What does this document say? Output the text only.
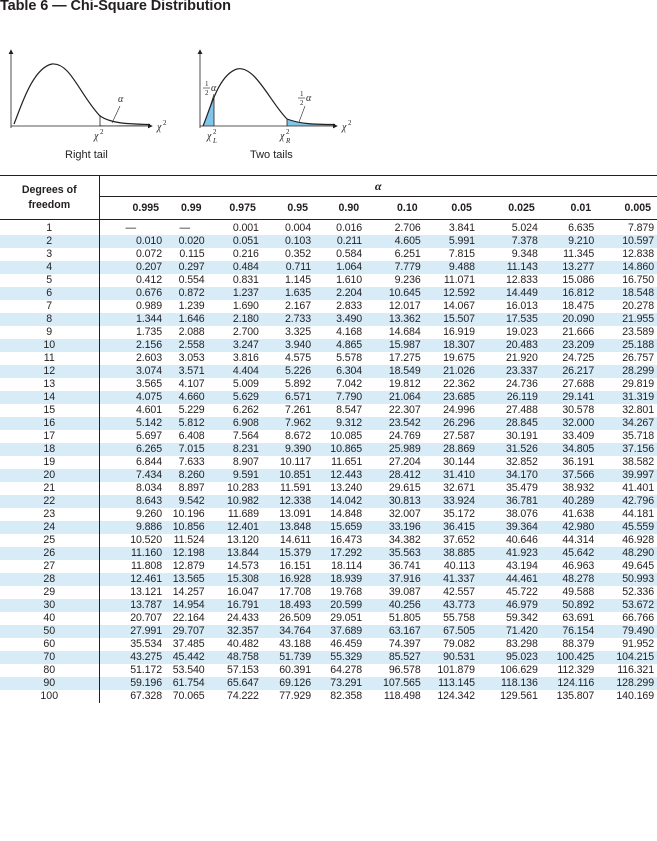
Table 6 — Chi-Square Distribution
α
χ 2	χ 2
Right tail
1
2 α	1
2 α
χ 2
L	χ 2
R
χ 2
Two tails
Degrees of
freedom	α									
	0.995	0.99	0.975	0.95	0.90	0.10	0.05	0.025	0.01	0.005
1	—	—	0.001	0.004	0.016	2.706	3.841	5.024	6.635	7.879
2	0.010	0.020	0.051	0.103	0.211	4.605	5.991	7.378	9.210	10.597
3	0.072	0.115	0.216	0.352	0.584	6.251	7.815	9.348	11.345	12.838
4	0.207	0.297	0.484	0.711	1.064	7.779	9.488	11.143	13.277	14.860
5	0.412	0.554	0.831	1.145	1.610	9.236	11.071	12.833	15.086	16.750
6	0.676	0.872	1.237	1.635	2.204	10.645	12.592	14.449	16.812	18.548
7	0.989	1.239	1.690	2.167	2.833	12.017	14.067	16.013	18.475	20.278
8	1.344	1.646	2.180	2.733	3.490	13.362	15.507	17.535	20.090	21.955
9	1.735	2.088	2.700	3.325	4.168	14.684	16.919	19.023	21.666	23.589
10	2.156	2.558	3.247	3.940	4.865	15.987	18.307	20.483	23.209	25.188
11	2.603	3.053	3.816	4.575	5.578	17.275	19.675	21.920	24.725	26.757
12	3.074	3.571	4.404	5.226	6.304	18.549	21.026	23.337	26.217	28.299
13	3.565	4.107	5.009	5.892	7.042	19.812	22.362	24.736	27.688	29.819
14	4.075	4.660	5.629	6.571	7.790	21.064	23.685	26.119	29.141	31.319
15	4.601	5.229	6.262	7.261	8.547	22.307	24.996	27.488	30.578	32.801
16	5.142	5.812	6.908	7.962	9.312	23.542	26.296	28.845	32.000	34.267
17	5.697	6.408	7.564	8.672	10.085	24.769	27.587	30.191	33.409	35.718
18	6.265	7.015	8.231	9.390	10.865	25.989	28.869	31.526	34.805	37.156
19	6.844	7.633	8.907	10.117	11.651	27.204	30.144	32.852	36.191	38.582
20	7.434	8.260	9.591	10.851	12.443	28.412	31.410	34.170	37.566	39.997
21	8.034	8.897	10.283	11.591	13.240	29.615	32.671	35.479	38.932	41.401
22	8.643	9.542	10.982	12.338	14.042	30.813	33.924	36.781	40.289	42.796
23	9.260	10.196	11.689	13.091	14.848	32.007	35.172	38.076	41.638	44.181
24	9.886	10.856	12.401	13.848	15.659	33.196	36.415	39.364	42.980	45.559
25	10.520	11.524	13.120	14.611	16.473	34.382	37.652	40.646	44.314	46.928
26	11.160	12.198	13.844	15.379	17.292	35.563	38.885	41.923	45.642	48.290
27	11.808	12.879	14.573	16.151	18.114	36.741	40.113	43.194	46.963	49.645
28	12.461	13.565	15.308	16.928	18.939	37.916	41.337	44.461	48.278	50.993
29	13.121	14.257	16.047	17.708	19.768	39.087	42.557	45.722	49.588	52.336
30	13.787	14.954	16.791	18.493	20.599	40.256	43.773	46.979	50.892	53.672
40	20.707	22.164	24.433	26.509	29.051	51.805	55.758	59.342	63.691	66.766
50	27.991	29.707	32.357	34.764	37.689	63.167	67.505	71.420	76.154	79.490
60	35.534	37.485	40.482	43.188	46.459	74.397	79.082	83.298	88.379	91.952
70	43.275	45.442	48.758	51.739	55.329	85.527	90.531	95.023	100.425	104.215
80	51.172	53.540	57.153	60.391	64.278	96.578	101.879	106.629	112.329	116.321
90	59.196	61.754	65.647	69.126	73.291	107.565	113.145	118.136	124.116	128.299
100	67.328	70.065	74.222	77.929	82.358	118.498	124.342	129.561	135.807	140.169
